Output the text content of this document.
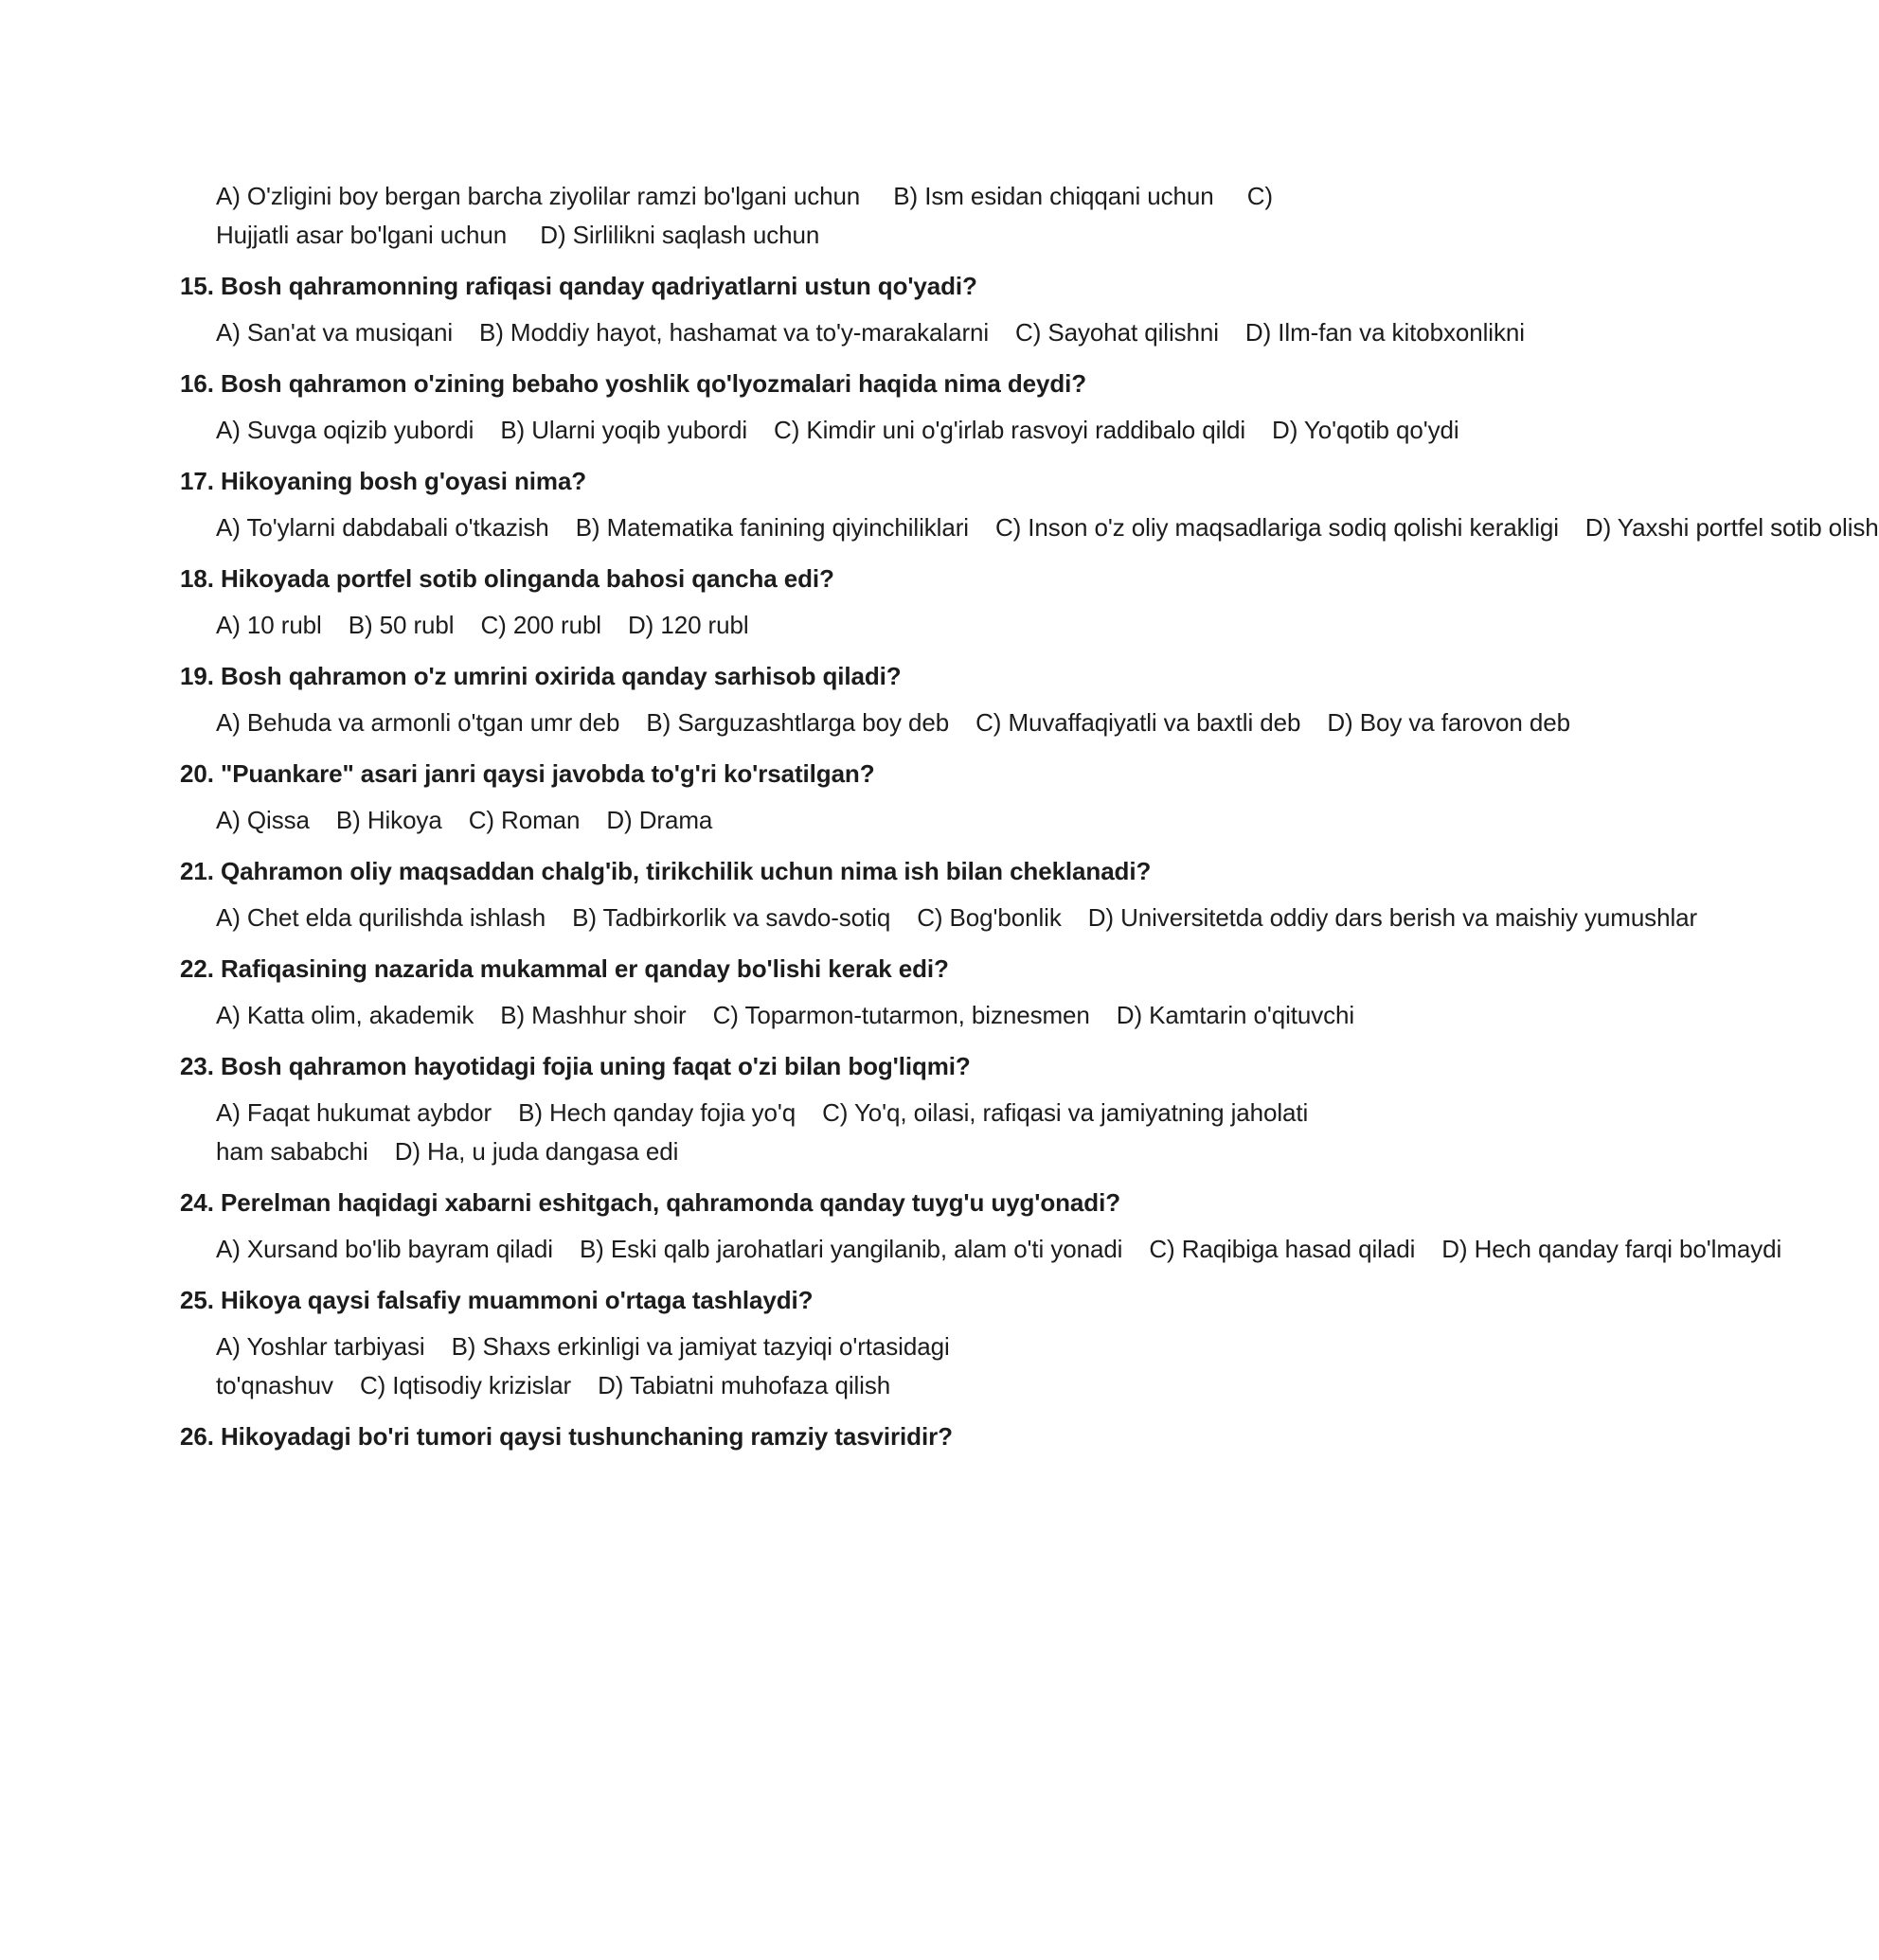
A) O'zligini boy bergan barcha ziyolilar ramzi bo'lgani uchun B) Ism esidan chiqqani uchun C) Hujjatli asar bo'lgani uchun D) Sirlilikni saqlash uchun
15. Bosh qahramonning rafiqasi qanday qadriyatlarni ustun qo'yadi?
A) San'at va musiqani B) Moddiy hayot, hashamat va to'y-marakalarni C) Sayohat qilishni D) Ilm-fan va kitobxonlikni
16. Bosh qahramon o'zining bebaho yoshlik qo'lyozmalari haqida nima deydi?
A) Suvga oqizib yubordi B) Ularni yoqib yubordi C) Kimdir uni o'g'irlab rasvoyi raddibalo qildi D) Yo'qotib qo'ydi
17. Hikoyaning bosh g'oyasi nima?
A) To'ylarni dabdabali o'tkazish B) Matematika fanining qiyinchiliklari C) Inson o'z oliy maqsadlariga sodiq qolishi kerakligi D) Yaxshi portfel sotib olish
18. Hikoyada portfel sotib olinganda bahosi qancha edi?
A) 10 rubl B) 50 rubl C) 200 rubl D) 120 rubl
19. Bosh qahramon o'z umrini oxirida qanday sarhisob qiladi?
A) Behuda va armonli o'tgan umr deb B) Sarguzashtlarga boy deb C) Muvaffaqiyatli va baxtli deb D) Boy va farovon deb
20. "Puankare" asari janri qaysi javobda to'g'ri ko'rsatilgan?
A) Qissa B) Hikoya C) Roman D) Drama
21. Qahramon oliy maqsaddan chalg'ib, tirikchilik uchun nima ish bilan cheklanadi?
A) Chet elda qurilishda ishlash B) Tadbirkorlik va savdo-sotiq C) Bog'bonlik D) Universitetda oddiy dars berish va maishiy yumushlar
22. Rafiqasining nazarida mukammal er qanday bo'lishi kerak edi?
A) Katta olim, akademik B) Mashhur shoir C) Toparmon-tutarmon, biznesmen D) Kamtarin o'qituvchi
23. Bosh qahramon hayotidagi fojia uning faqat o'zi bilan bog'liqmi?
A) Faqat hukumat aybdor B) Hech qanday fojia yo'q C) Yo'q, oilasi, rafiqasi va jamiyatning jaholati ham sababchi D) Ha, u juda dangasa edi
24. Perelman haqidagi xabarni eshitgach, qahramonda qanday tuyg'u uyg'onadi?
A) Xursand bo'lib bayram qiladi B) Eski qalb jarohatlari yangilanib, alam o'ti yonadi C) Raqibiga hasad qiladi D) Hech qanday farqi bo'lmaydi
25. Hikoya qaysi falsafiy muammoni o'rtaga tashlaydi?
A) Yoshlar tarbiyasi B) Shaxs erkinligi va jamiyat tazyiqi o'rtasidagi to'qnashuv C) Iqtisodiy krizislar D) Tabiatni muhofaza qilish
26. Hikoyadagi bo'ri tumori qaysi tushunchaning ramziy tasviridir?
